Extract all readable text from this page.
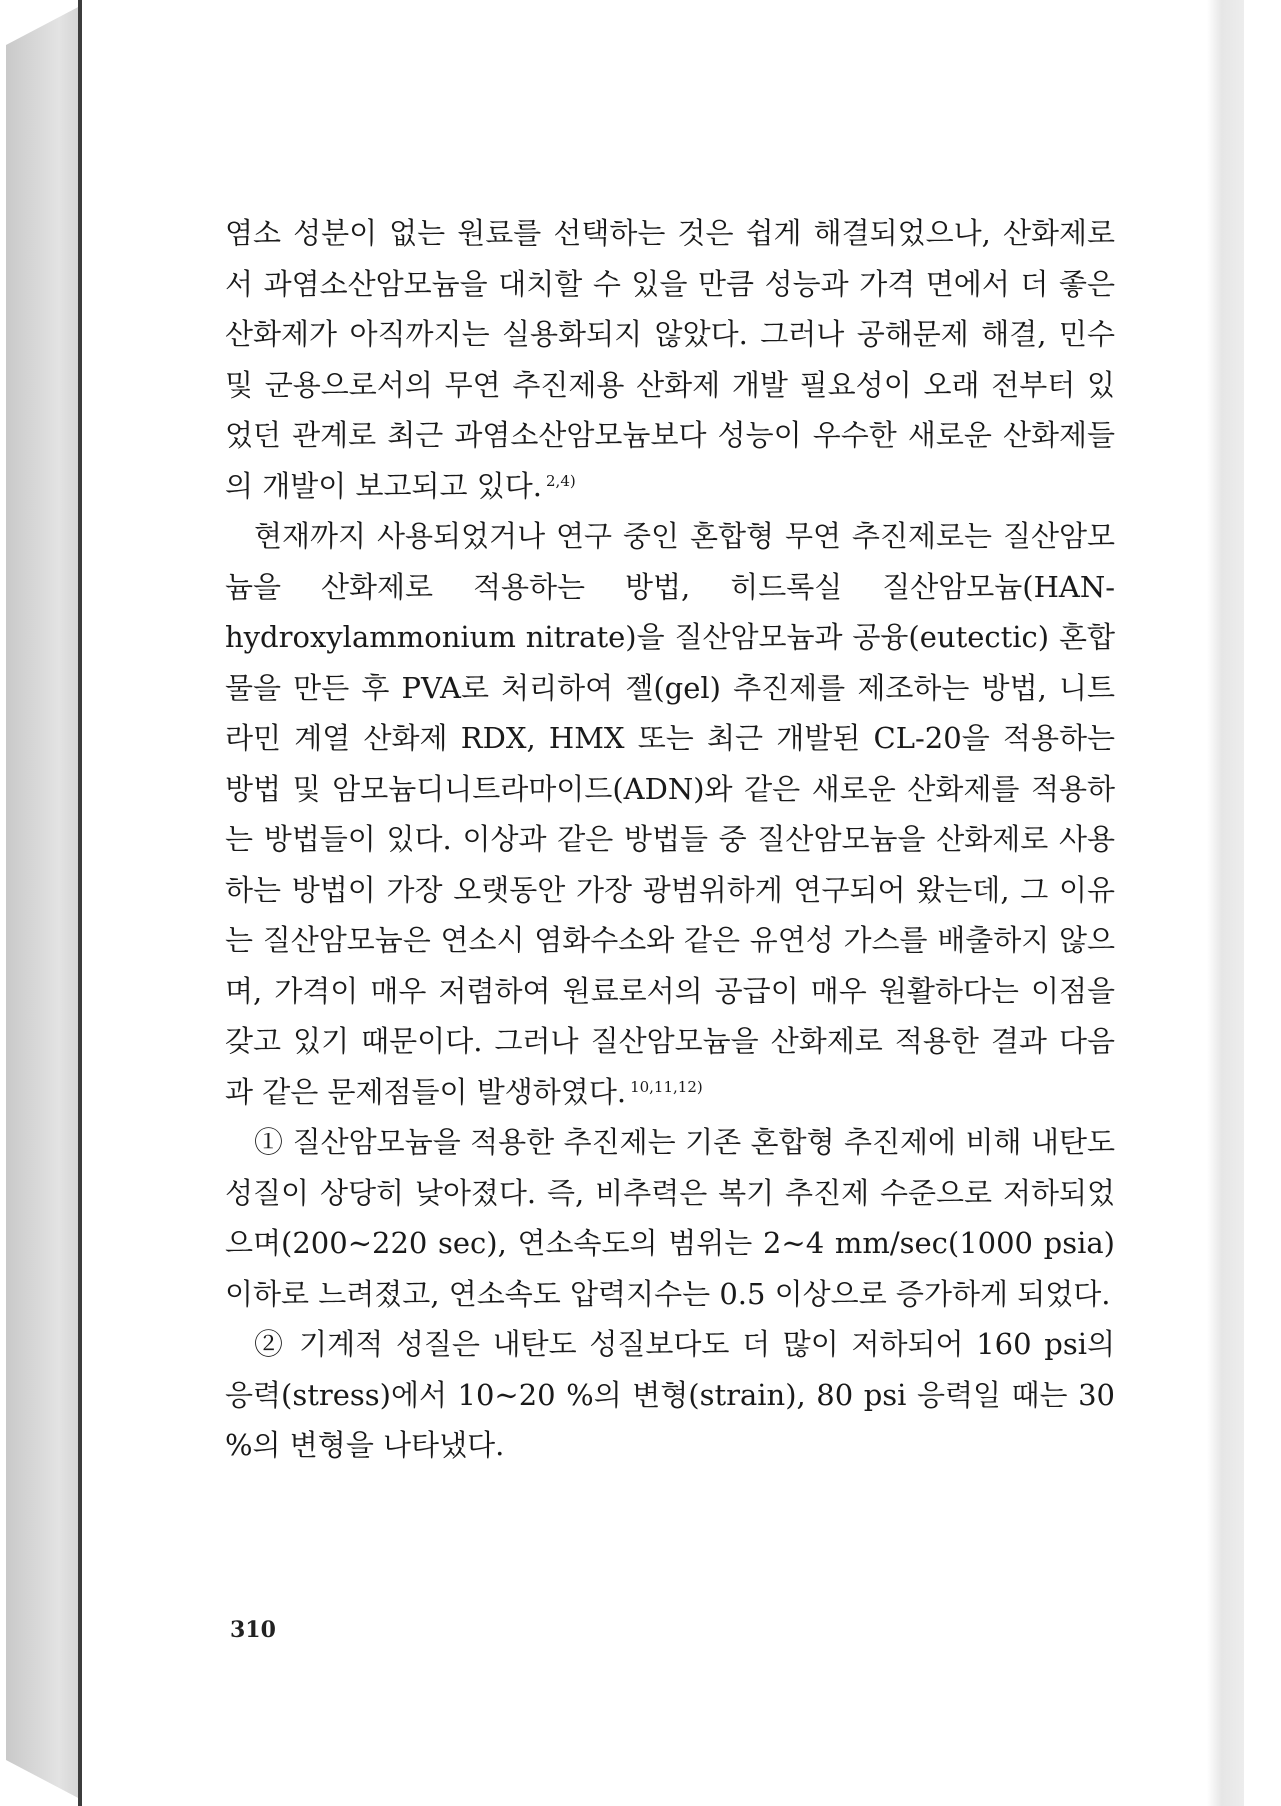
염소 성분이 없는 원료를 선택하는 것은 쉽게 해결되었으나, 산화제로서 과염소산암모늄을 대치할 수 있을 만큼 성능과 가격 면에서 더 좋은 산화제가 아직까지는 실용화되지 않았다. 그러나 공해문제 해결, 민수 및 군용으로서의 무연 추진제용 산화제 개발 필요성이 오래 전부터 있었던 관계로 최근 과염소산암모늄보다 성능이 우수한 새로운 산화제들의 개발이 보고되고 있다. $^{2,4)}$

현재까지 사용되었거나 연구 중인 혼합형 무연 추진제로는 질산암모늄을 산화제로 적용하는 방법, 히드록실 질산암모늄(HAN-hydroxylammonium nitrate)을 질산암모늄과 공융(eutectic) 혼합물을 만든 후 PVA로 처리하여 젤(gel) 추진제를 제조하는 방법, 니트라민 계열 산화제 RDX, HMX 또는 최근 개발된 CL-20을 적용하는 방법 및 암모늄디니트라마이드(ADN)와 같은 새로운 산화제를 적용하는 방법들이 있다. 이상과 같은 방법들 중 질산암모늄을 산화제로 사용하는 방법이 가장 오랫동안 가장 광범위하게 연구되어 왔는데, 그 이유는 질산암모늄은 연소시 염화수소와 같은 유연성 가스를 배출하지 않으며, 가격이 매우 저렴하여 원료로서의 공급이 매우 원활하다는 이점을 갖고 있기 때문이다. 그러나 질산암모늄을 산화제로 적용한 결과 다음과 같은 문제점들이 발생하였다. $^{10,11,12)}$

① 질산암모늄을 적용한 추진제는 기존 혼합형 추진제에 비해 내탄도 성질이 상당히 낮아졌다. 즉, 비추력은 복기 추진제 수준으로 저하되었으며(200∼220 sec), 연소속도의 범위는 2∼4 mm/sec(1000 psia) 이하로 느려졌고, 연소속도 압력지수는 0.5 이상으로 증가하게 되었다.

② 기계적 성질은 내탄도 성질보다도 더 많이 저하되어 160 psi의 응력(stress)에서 10∼20 %의 변형(strain), 80 psi 응력일 때는 30 %의 변형을 나타냈다.

310
